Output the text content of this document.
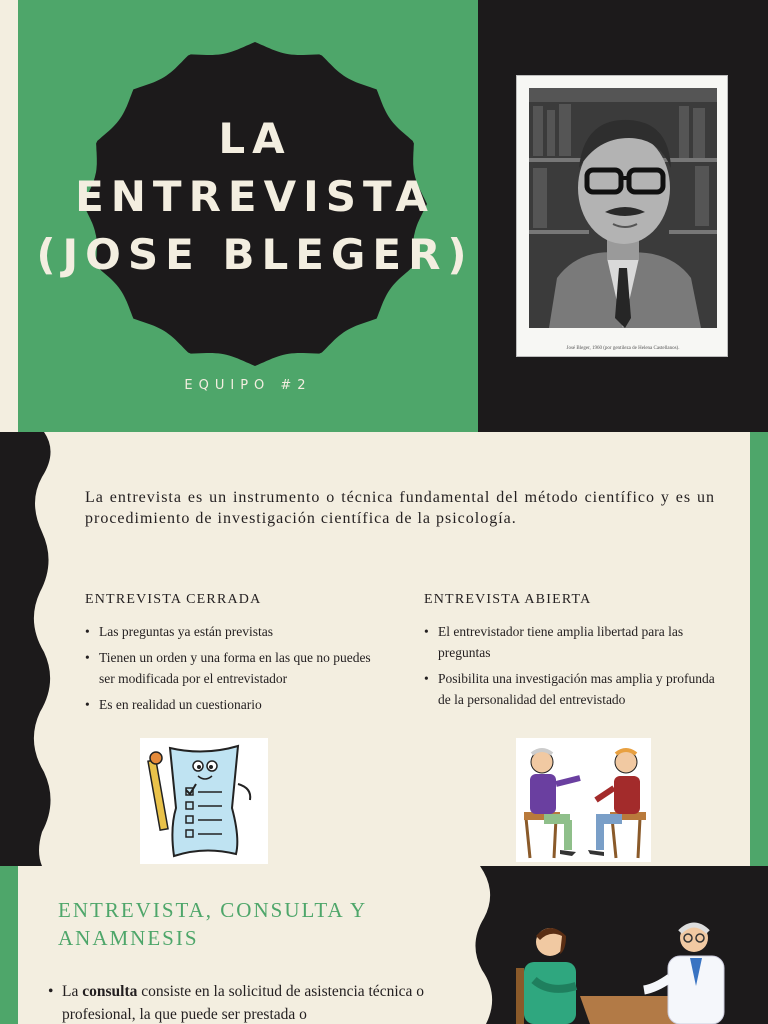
LA
ENTREVISTA
(JOSE BLEGER)
EQUIPO #2
José Bleger, 1960 (por gentileza de Helena Castellanos).

La entrevista es un instrumento o técnica fundamental del método científico y es un procedimiento de investigación científica de la psicología.

ENTREVISTA CERRADA
• Las preguntas ya están previstas
• Tienen un orden y una forma en las que no puedes ser modificada por el entrevistador
• Es en realidad un cuestionario
ENTREVISTA ABIERTA
• El entrevistador tiene amplia libertad para las preguntas
• Posibilita una investigación mas amplia y profunda de la personalidad del entrevistado
ENTREVISTA, CONSULTA Y ANAMNESIS

• La consulta consiste en la solicitud de asistencia técnica o profesional, la que puede ser prestada o
